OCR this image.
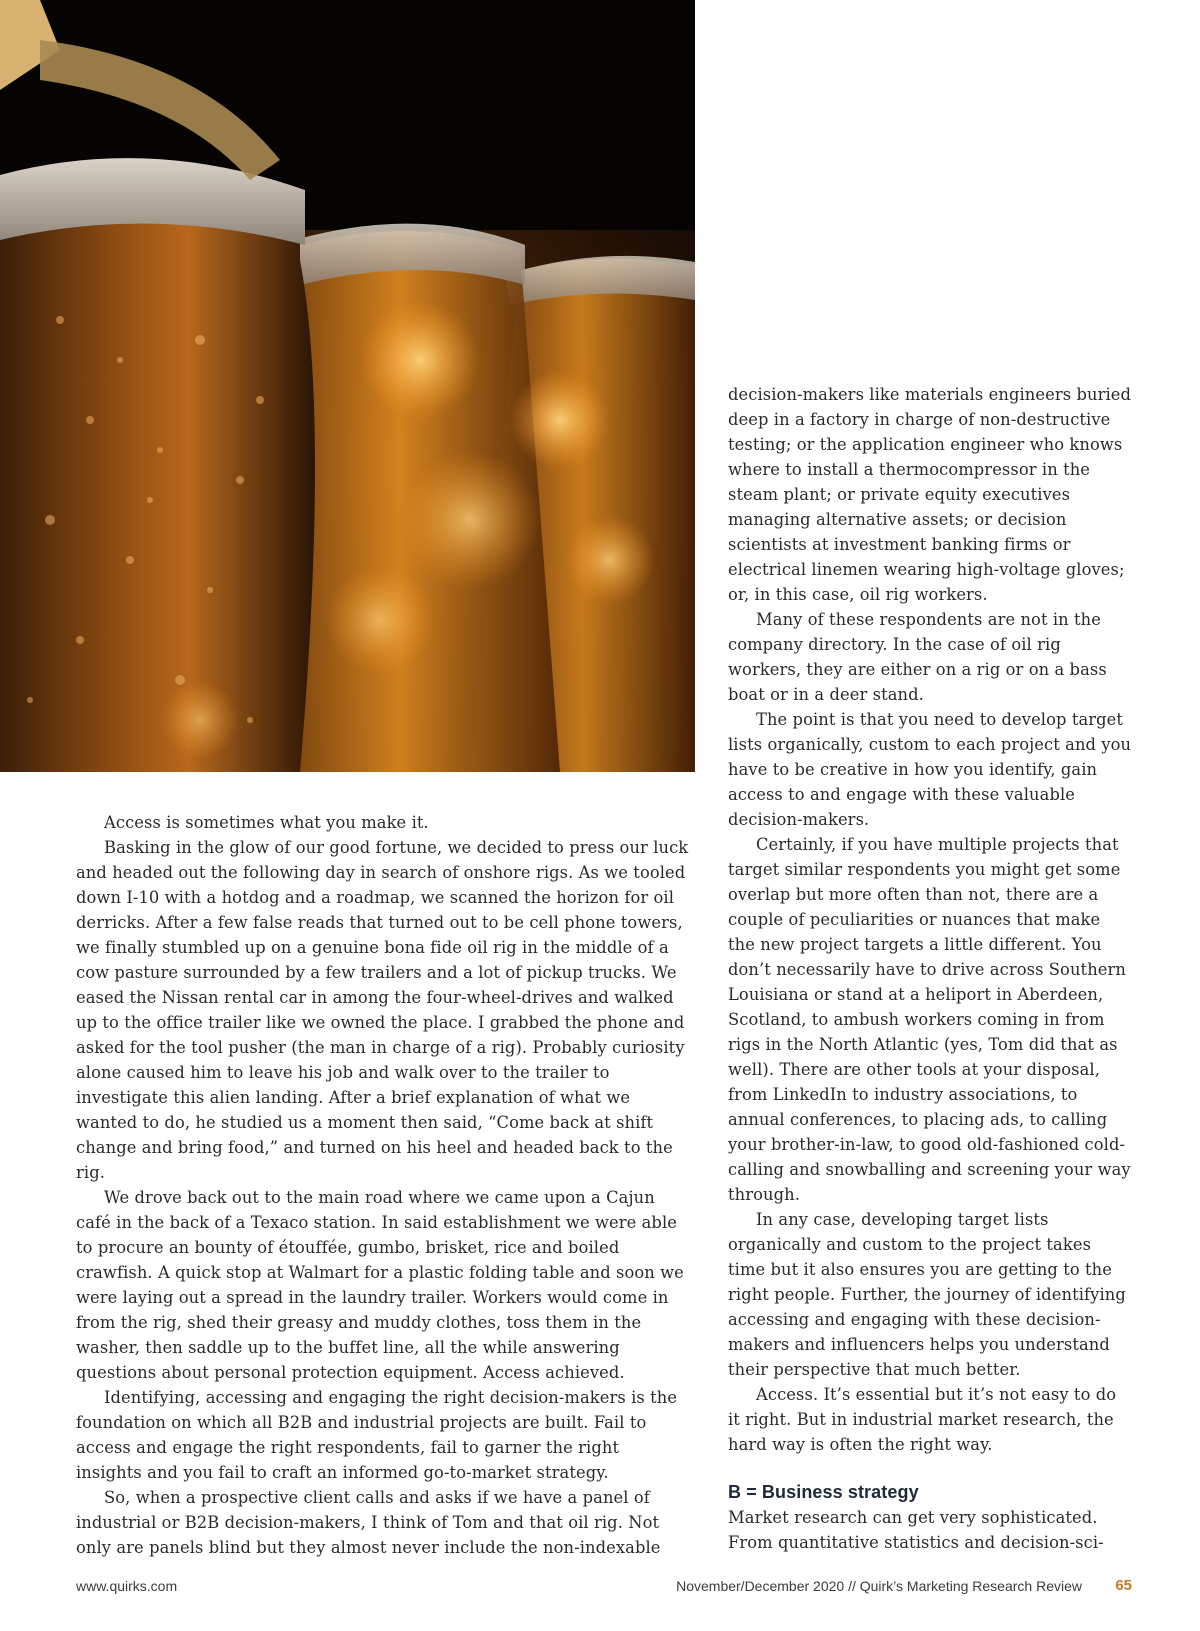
Access is sometimes what you make it.

Basking in the glow of our good fortune, we decided to press our luck and headed out the following day in search of onshore rigs. As we tooled down I-10 with a hotdog and a roadmap, we scanned the horizon for oil derricks. After a few false reads that turned out to be cell phone towers, we finally stumbled up on a genuine bona fide oil rig in the middle of a cow pasture surrounded by a few trailers and a lot of pickup trucks. We eased the Nissan rental car in among the four-wheel-drives and walked up to the office trailer like we owned the place. I grabbed the phone and asked for the tool pusher (the man in charge of a rig). Probably curiosity alone caused him to leave his job and walk over to the trailer to investigate this alien landing. After a brief explanation of what we wanted to do, he studied us a moment then said, “Come back at shift change and bring food,” and turned on his heel and headed back to the rig.

We drove back out to the main road where we came upon a Cajun café in the back of a Texaco station. In said establishment we were able to procure an bounty of étouffée, gumbo, brisket, rice and boiled crawfish. A quick stop at Walmart for a plastic folding table and soon we were laying out a spread in the laundry trailer. Workers would come in from the rig, shed their greasy and muddy clothes, toss them in the washer, then saddle up to the buffet line, all the while answering questions about personal protection equipment. Access achieved.

Identifying, accessing and engaging the right decision-makers is the foundation on which all B2B and industrial projects are built. Fail to access and engage the right respondents, fail to garner the right insights and you fail to craft an informed go-to-market strategy.

So, when a prospective client calls and asks if we have a panel of industrial or B2B decision-makers, I think of Tom and that oil rig. Not only are panels blind but they almost never include the non-indexable

decision-makers like materials engineers buried deep in a factory in charge of non-destructive testing; or the application engineer who knows where to install a thermocompressor in the steam plant; or private equity executives managing alternative assets; or decision scientists at investment banking firms or electrical linemen wearing high-voltage gloves; or, in this case, oil rig workers.

Many of these respondents are not in the company directory. In the case of oil rig workers, they are either on a rig or on a bass boat or in a deer stand.

The point is that you need to develop target lists organically, custom to each project and you have to be creative in how you identify, gain access to and engage with these valuable decision-makers.

Certainly, if you have multiple projects that target similar respondents you might get some overlap but more often than not, there are a couple of peculiarities or nuances that make the new project targets a little different. You don’t necessarily have to drive across Southern Louisiana or stand at a heliport in Aberdeen, Scotland, to ambush workers coming in from rigs in the North Atlantic (yes, Tom did that as well). There are other tools at your disposal, from LinkedIn to industry associations, to annual conferences, to placing ads, to calling your brother-in-law, to good old-fashioned cold-calling and snowballing and screening your way through.

In any case, developing target lists organically and custom to the project takes time but it also ensures you are getting to the right people. Further, the journey of identifying accessing and engaging with these decision-makers and influencers helps you understand their perspective that much better.

Access. It’s essential but it’s not easy to do it right. But in industrial market research, the hard way is often the right way.

B = Business strategy

Market research can get very sophisticated. From quantitative statistics and decision-sci-

www.quirks.com	November/December 2020 // Quirk’s Marketing Research Review 65
